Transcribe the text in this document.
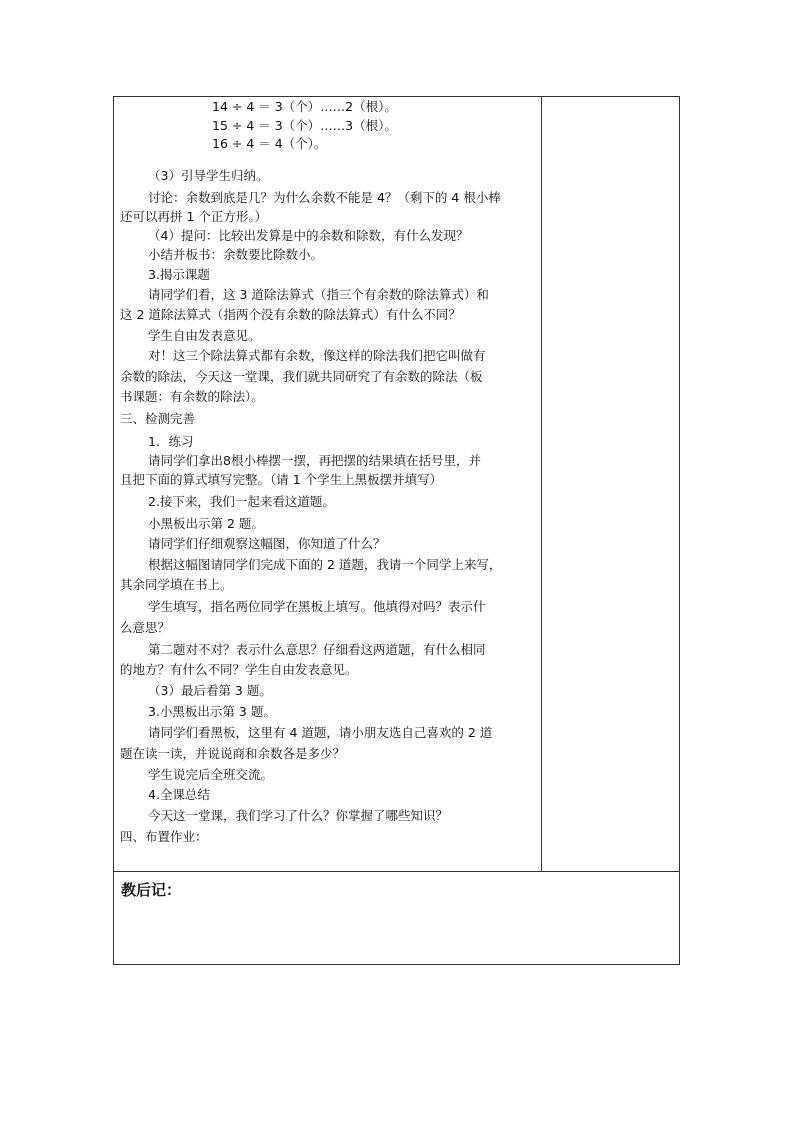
14 ÷ 4 ＝ 3（个）……2（根）。
15 ÷ 4 ＝ 3（个）……3（根）。
16 ÷ 4 ＝ 4（个）。
（3）引导学生归纳。
讨论：余数到底是几？为什么余数不能是 4？（剩下的 4 根小棒
还可以再拼 1 个正方形。）
（4）提问：比较出发算是中的余数和除数，有什么发现？
小结并板书：余数要比除数小。
3.揭示课题
请同学们看，这 3 道除法算式（指三个有余数的除法算式）和
这 2 道除法算式（指两个没有余数的除法算式）有什么不同？
学生自由发表意见。
对！这三个除法算式都有余数，像这样的除法我们把它叫做有
余数的除法，今天这一堂课，我们就共同研究了有余数的除法（板
书课题：有余数的除法）。
三、检测完善
1．练习
请同学们拿出8根小棒摆一摆，再把摆的结果填在括号里，并
且把下面的算式填写完整。（请 1 个学生上黑板摆并填写）
2.接下来，我们一起来看这道题。
小黑板出示第 2 题。
请同学们仔细观察这幅图，你知道了什么？
根据这幅图请同学们完成下面的 2 道题，我请一个同学上来写，
其余同学填在书上。
学生填写，指名两位同学在黑板上填写。他填得对吗？表示什
么意思？
第二题对不对？表示什么意思？仔细看这两道题，有什么相同
的地方？有什么不同？学生自由发表意见。
（3）最后看第 3 题。
3.小黑板出示第 3 题。
请同学们看黑板，这里有 4 道题，请小朋友选自己喜欢的 2 道
题在读一读，并说说商和余数各是多少？
学生说完后全班交流。
4.全课总结
今天这一堂课，我们学习了什么？你掌握了哪些知识？
四、布置作业：
教后记：
